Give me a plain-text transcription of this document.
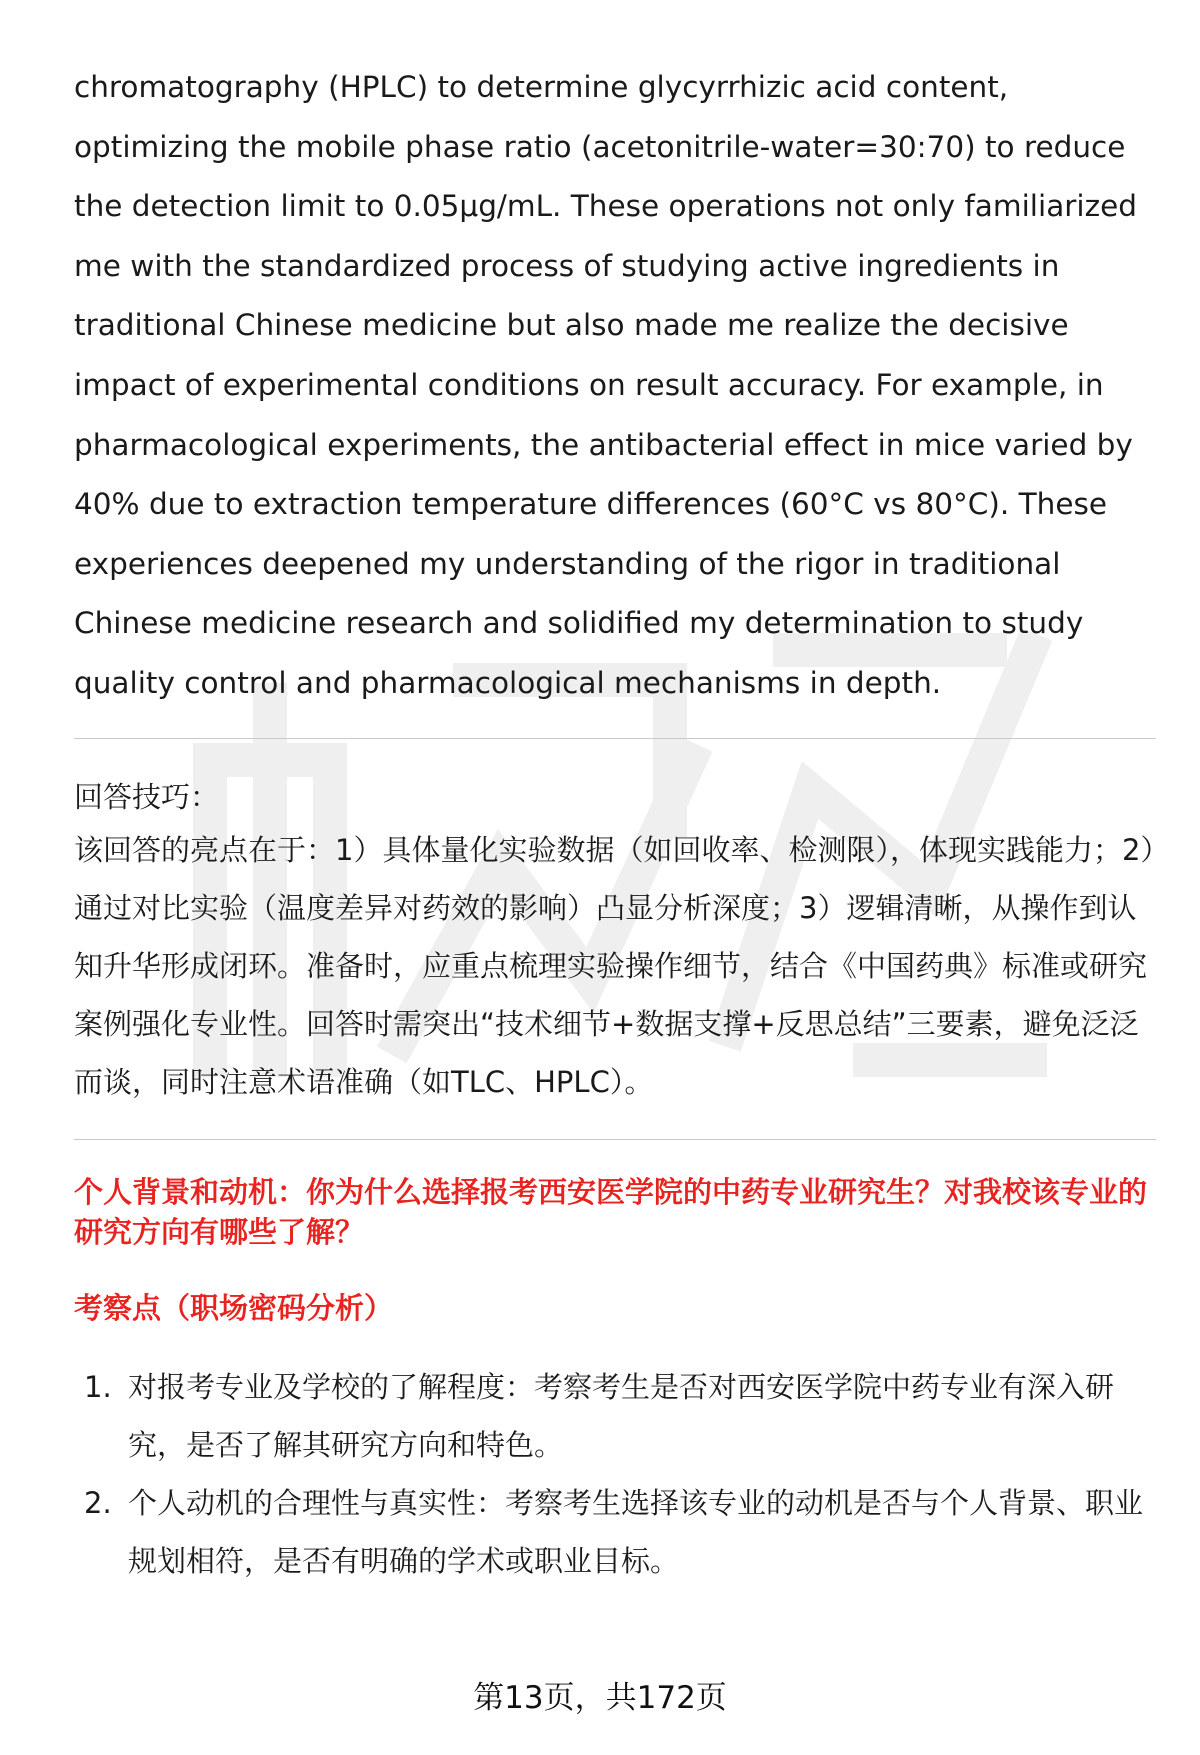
chromatography (HPLC) to determine glycyrrhizic acid content, optimizing the mobile phase ratio (acetonitrile-water=30:70) to reduce the detection limit to 0.05μg/mL. These operations not only familiarized me with the standardized process of studying active ingredients in traditional Chinese medicine but also made me realize the decisive impact of experimental conditions on result accuracy. For example, in pharmacological experiments, the antibacterial effect in mice varied by 40% due to extraction temperature differences (60°C vs 80°C). These experiences deepened my understanding of the rigor in traditional Chinese medicine research and solidified my determination to study quality control and pharmacological mechanisms in depth.

回答技巧：

该回答的亮点在于：1）具体量化实验数据（如回收率、检测限），体现实践能力；2）通过对比实验（温度差异对药效的影响）凸显分析深度；3）逻辑清晰，从操作到认知升华形成闭环。准备时，应重点梳理实验操作细节，结合《中国药典》标准或研究案例强化专业性。回答时需突出“技术细节+数据支撑+反思总结”三要素，避免泛泛而谈，同时注意术语准确（如TLC、HPLC）。

个人背景和动机：你为什么选择报考西安医学院的中药专业研究生？对我校该专业的研究方向有哪些了解？

考察点（职场密码分析）

1. 对报考专业及学校的了解程度：考察考生是否对西安医学院中药专业有深入研究，是否了解其研究方向和特色。
2. 个人动机的合理性与真实性：考察考生选择该专业的动机是否与个人背景、职业规划相符，是否有明确的学术或职业目标。
第13页，共172页
